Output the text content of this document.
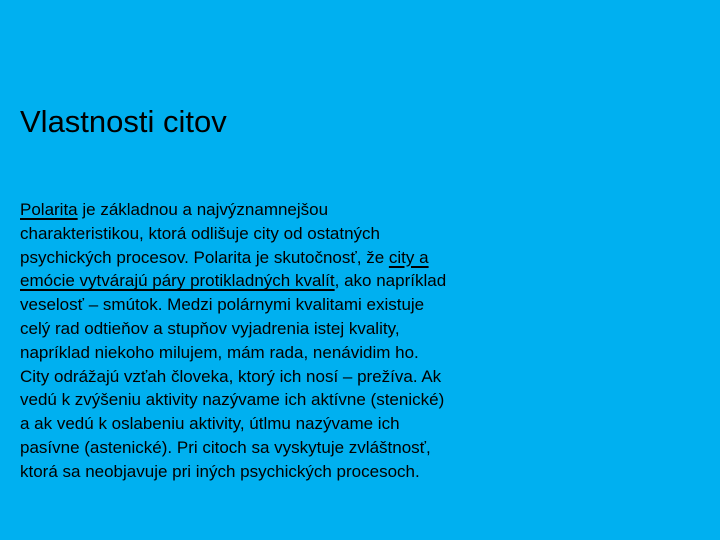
Vlastnosti citov
Polarita je základnou a najvýznamnejšou
charakteristikou, ktorá odlišuje city od ostatných
psychických procesov. Polarita je skutočnosť, že city a
emócie vytvárajú páry protikladných kvalít, ako napríklad
veselosť – smútok. Medzi polárnymi kvalitami existuje
celý rad odtieňov a stupňov vyjadrenia istej kvality,
napríklad niekoho milujem, mám rada, nenávidim ho.
City odrážajú vzťah človeka, ktorý ich nosí – prežíva. Ak
vedú k zvýšeniu aktivity nazývame ich aktívne (stenické)
a ak vedú k oslabeniu aktivity, útlmu nazývame ich
pasívne (astenické). Pri citoch sa vyskytuje zvláštnosť,
ktorá sa neobjavuje pri iných psychických procesoch.
